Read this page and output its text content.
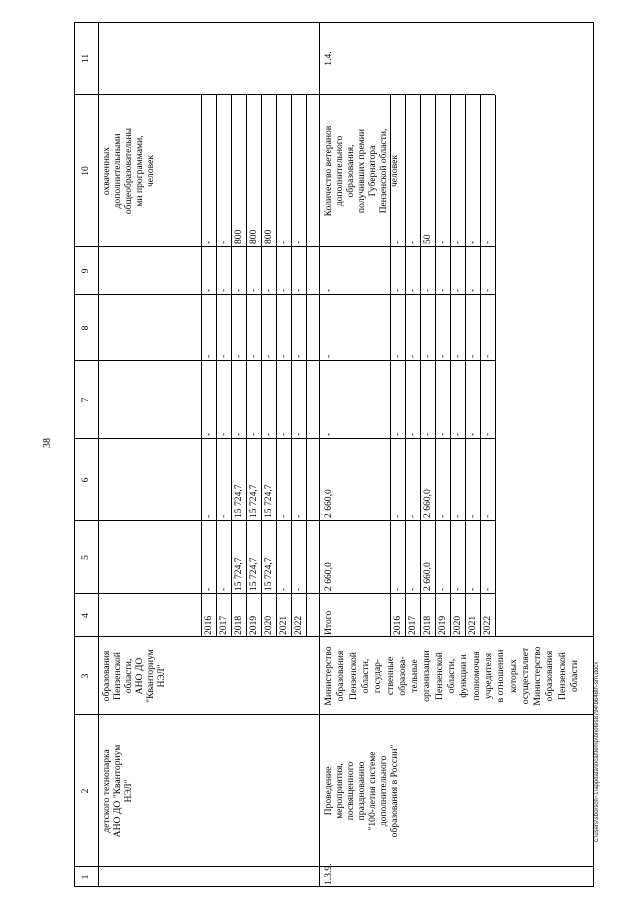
38
c:\users\sborsch~1\appdata\local\temp\bnotes8794\b6480\-sm.docx
1
2
3
4
5
6
7
8
9
10
11
детского технопарка АНО ДО "Кванториум НЭЛ"
образования Пензенской области, АНО ДО "Кванториум НЭЛ"
охваченных дополнительными общеобразовательны ми программами, человек
2016
-
-
-
-
-
-
2017
-
-
-
-
-
-
2018
15 724,7
15 724,7
-
-
-
800
2019
15 724,7
15 724,7
-
-
-
800
2020
15 724,7
15 724,7
-
-
-
800
2021
-
-
-
-
-
-
2022
-
-
-
-
-
-
1.3.9.
Проведение мероприятия, посвященного празднованию "100-летия системе дополнительного образования в России"
Министерство образования Пензенской области, государ- ственные образова- тельные организации Пензенской области, функции и полномочия учредителя в отношении которых осуществляет Министерство образования Пензенской области
Итого
2 660,0
2 660,0
-
-
-
Количество ветеранов дополнительного образования, получивших премии Губернатора Пензенской области, человек
1.4.
2016
-
-
-
-
-
-
2017
-
-
-
-
-
-
2018
2 660,0
2 660,0
-
-
-
50
2019
-
-
-
-
-
-
2020
-
-
-
-
-
-
2021
-
-
-
-
-
-
2022
-
-
-
-
-
-
